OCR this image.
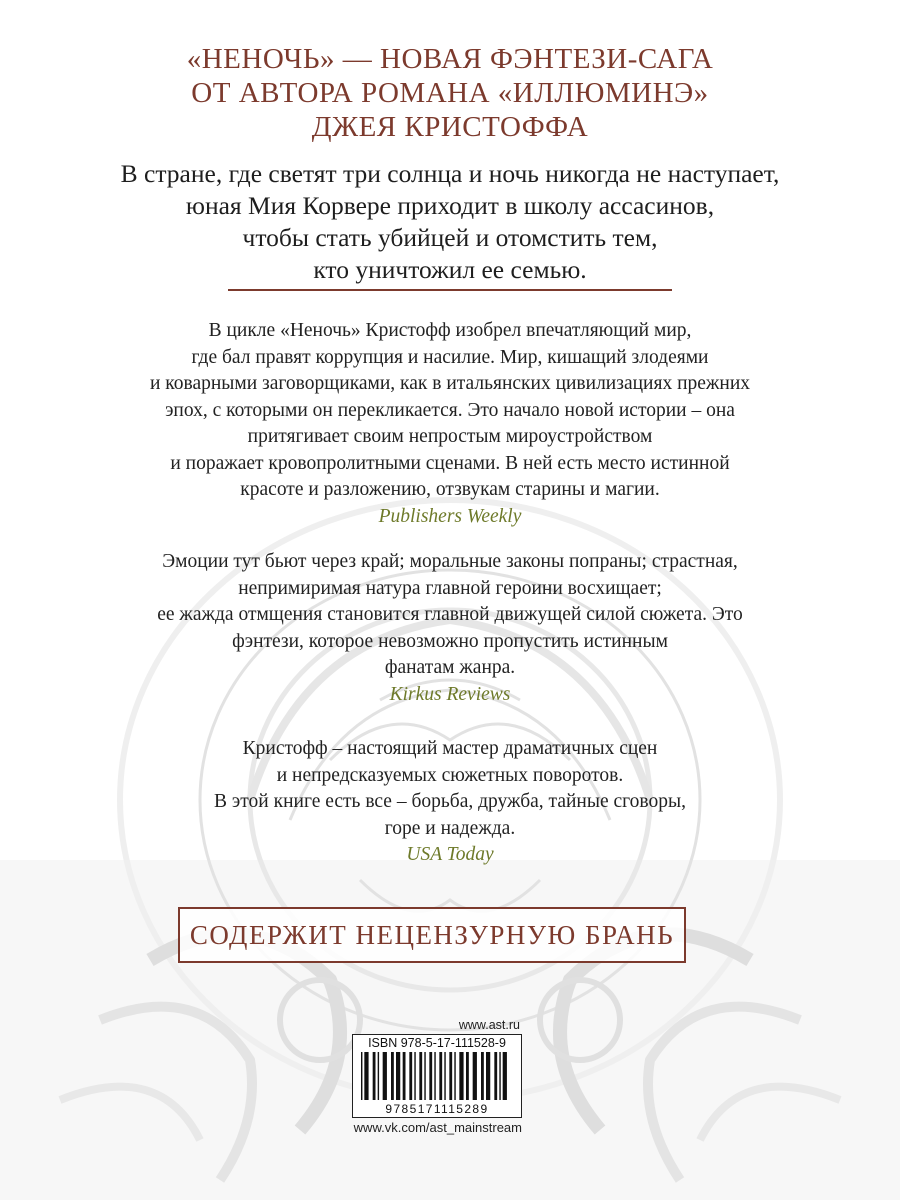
«НЕНОЧЬ» — НОВАЯ ФЭНТЕЗИ-САГА
ОТ АВТОРА РОМАНА «ИЛЛЮМИНЭ»
ДЖЕЯ КРИСТОФФА
В стране, где светят три солнца и ночь никогда не наступает,
юная Мия Корвере приходит в школу ассасинов,
чтобы стать убийцей и отомстить тем,
кто уничтожил ее семью.
В цикле «Неночь» Кристофф изобрел впечатляющий мир,
где бал правят коррупция и насилие. Мир, кишащий злодеями
и коварными заговорщиками, как в итальянских цивилизациях прежних
эпох, с которыми он перекликается. Это начало новой истории – она
притягивает своим непростым мироустройством
и поражает кровопролитными сценами. В ней есть место истинной
красоте и разложению, отзвукам старины и магии.
Publishers Weekly
Эмоции тут бьют через край; моральные законы попраны; страстная,
непримиримая натура главной героини восхищает;
ее жажда отмщения становится главной движущей силой сюжета. Это
фэнтези, которое невозможно пропустить истинным
фанатам жанра.
Kirkus Reviews
Кристофф – настоящий мастер драматичных сцен
и непредсказуемых сюжетных поворотов.
В этой книге есть все – борьба, дружба, тайные сговоры,
горе и надежда.
USA Today
СОДЕРЖИТ НЕЦЕНЗУРНУЮ БРАНЬ
www.ast.ru
ISBN 978-5-17-111528-9
9785171115289
www.vk.com/ast_mainstream
